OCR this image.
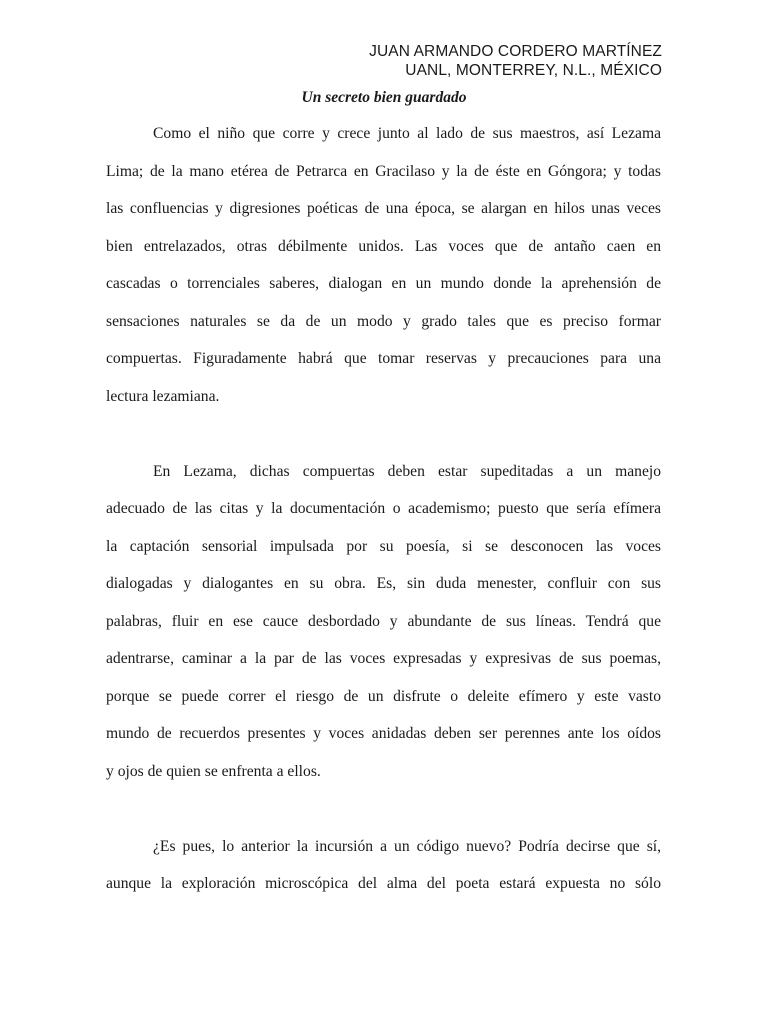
JUAN ARMANDO CORDERO MARTÍNEZ
UANL, MONTERREY, N.L., MÉXICO
Un secreto bien guardado
Como el niño que corre y crece junto al lado de sus maestros, así Lezama
Lima; de la mano etérea de Petrarca en Gracilaso y la de éste en Góngora; y todas
las confluencias y digresiones poéticas de una época, se alargan en hilos unas veces
bien entrelazados, otras débilmente unidos. Las voces que de antaño caen en
cascadas o torrenciales saberes, dialogan en un mundo donde la aprehensión de
sensaciones naturales se da de un modo y grado tales que es preciso formar
compuertas. Figuradamente habrá que tomar reservas y precauciones para una
lectura lezamiana.
En Lezama, dichas compuertas deben estar supeditadas a un manejo
adecuado de las citas y la documentación o academismo; puesto que sería efímera
la captación sensorial impulsada por su poesía, si se desconocen las voces
dialogadas y dialogantes en su obra. Es, sin duda menester, confluir con sus
palabras, fluir en ese cauce desbordado y abundante de sus líneas. Tendrá que
adentrarse, caminar a la par de las voces expresadas y expresivas de sus poemas,
porque se puede correr el riesgo de un disfrute o deleite efímero y este vasto
mundo de recuerdos presentes y voces anidadas deben ser perennes ante los oídos
y ojos de quien se enfrenta a ellos.
¿Es pues, lo anterior la incursión a un código nuevo? Podría decirse que sí,
aunque la exploración microscópica del alma del poeta estará expuesta no sólo
